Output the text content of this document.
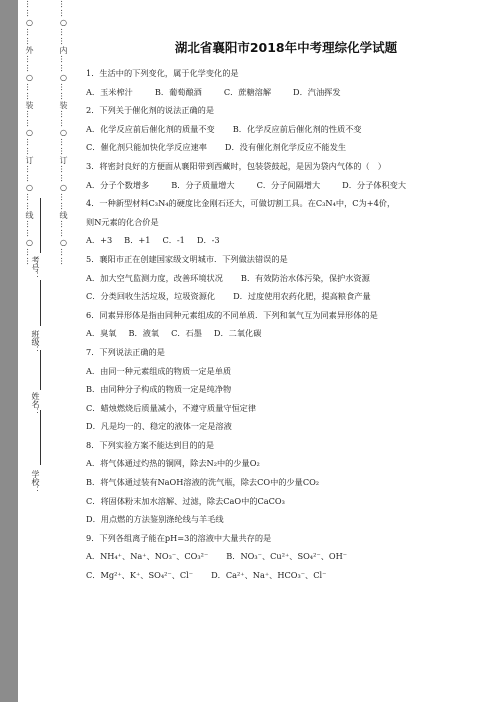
……○……外……○……装……○……订……○……线……○……
学校：
姓名：
班级：
考号：
……○……内……○……装……○……订……○……线……○……	湖北省襄阳市2018年中考理综化学试题
1．生活中的下列变化，属于化学变化的是
A．玉米榨汁	B．葡萄酿酒	C．蔗糖溶解	D．汽油挥发
2．下列关于催化剂的说法正确的是
A．化学反应前后催化剂的质量不变 B．化学反应前后催化剂的性质不变
C．催化剂只能加快化学反应速率 D．没有催化剂化学反应不能发生
3．将密封良好的方便面从襄阳带到西藏时，包装袋鼓起，是因为袋内气体的（　）
A．分子个数增多	B．分子质量增大	C．分子间隔增大	D．分子体积变大
4．一种新型材料C₃N₄的硬度比金刚石还大，可做切割工具。在C₃N₄中，C为+4价，
则N元素的化合价是
A．+3 B．+1 C．-1 D．-3
5．襄阳市正在创建国家级文明城市．下列做法错误的是
A．加大空气监测力度，改善环境状况 B．有效防治水体污染，保护水资源
C．分类回收生活垃圾，垃圾资源化 D．过度使用农药化肥，提高粮食产量
6．同素异形体是指由同种元素组成的不同单质．下列和氧气互为同素异形体的是
A．臭氧 B．液氧 C．石墨 D．二氧化碳
7．下列说法正确的是
A．由同一种元素组成的物质一定是单质
B．由同种分子构成的物质一定是纯净物
C．蜡烛燃烧后质量减小，不遵守质量守恒定律
D．凡是均一的、稳定的液体一定是溶液
8．下列实验方案不能达到目的的是
A．将气体通过灼热的铜网，除去N₂中的少量O₂
B．将气体通过装有NaOH溶液的洗气瓶，除去CO中的少量CO₂
C．将固体粉末加水溶解、过滤，除去CaO中的CaCO₃
D．用点燃的方法鉴别涤纶线与羊毛线
9．下列各组离子能在pH=3的溶液中大量共存的是
A．NH₄⁺、Na⁺、NO₃⁻、CO₃²⁻ B．NO₃⁻、Cu²⁺、SO₄²⁻、OH⁻
C．Mg²⁺、K⁺、SO₄²⁻、Cl⁻ D．Ca²⁺、Na⁺、HCO₃⁻、Cl⁻
